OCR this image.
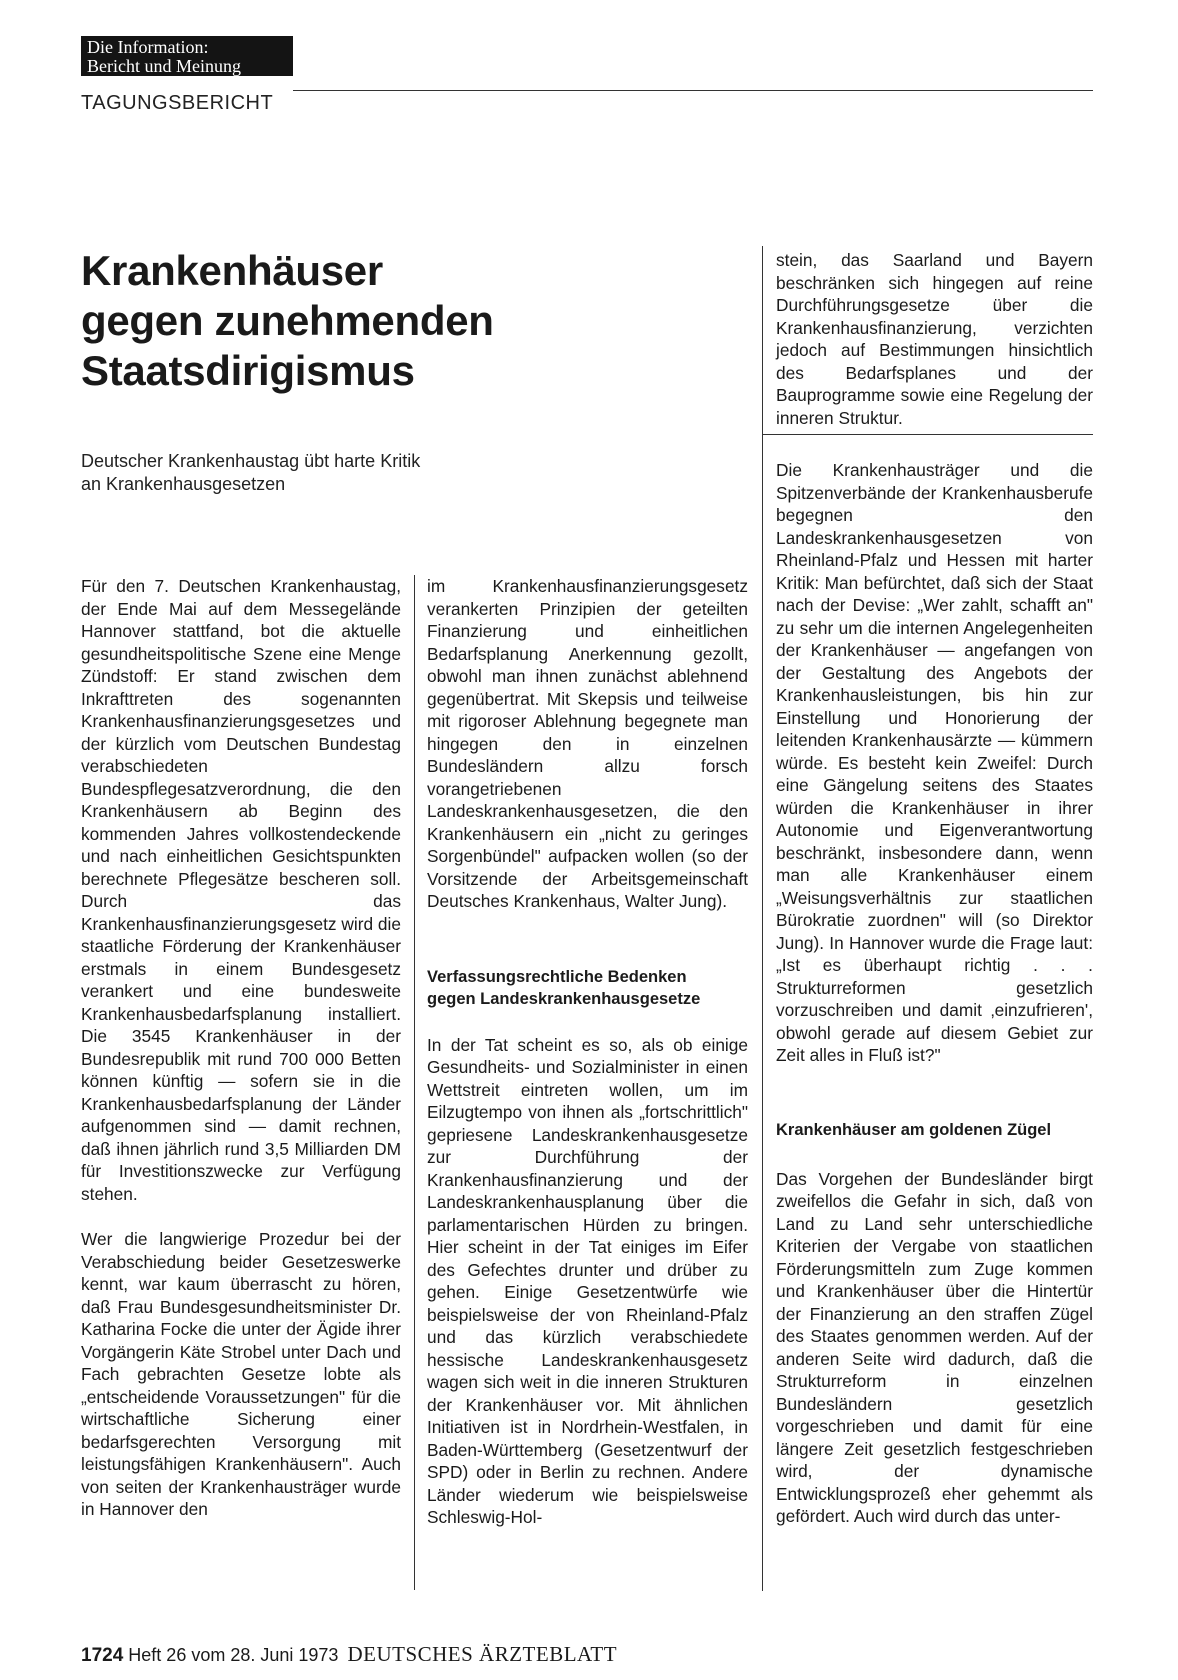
Die Information:
Bericht und Meinung
TAGUNGSBERICHT
Krankenhäuser
gegen zunehmenden
Staatsdirigismus
Deutscher Krankenhaustag übt harte Kritik
an Krankenhausgesetzen

Für den 7. Deutschen Krankenhaustag, der Ende Mai auf dem Messegelände Hannover stattfand, bot die aktuelle gesundheitspolitische Szene eine Menge Zündstoff: Er stand zwischen dem Inkrafttreten des sogenannten Krankenhausfinanzierungsgesetzes und der kürzlich vom Deutschen Bundestag verabschiedeten Bundespflegesatzverordnung, die den Krankenhäusern ab Beginn des kommenden Jahres vollkostendeckende und nach einheitlichen Gesichtspunkten berechnete Pflegesätze bescheren soll. Durch das Krankenhausfinanzierungsgesetz wird die staatliche Förderung der Krankenhäuser erstmals in einem Bundesgesetz verankert und eine bundesweite Krankenhausbedarfsplanung installiert. Die 3545 Krankenhäuser in der Bundesrepublik mit rund 700 000 Betten können künftig — sofern sie in die Krankenhausbedarfsplanung der Länder aufgenommen sind — damit rechnen, daß ihnen jährlich rund 3,5 Milliarden DM für Investitionszwecke zur Verfügung stehen.

Wer die langwierige Prozedur bei der Verabschiedung beider Gesetzeswerke kennt, war kaum überrascht zu hören, daß Frau Bundesgesundheitsminister Dr. Katharina Focke die unter der Ägide ihrer Vorgängerin Käte Strobel unter Dach und Fach gebrachten Gesetze lobte als „entscheidende Voraussetzungen" für die wirtschaftliche Sicherung einer bedarfsgerechten Versorgung mit leistungsfähigen Krankenhäusern". Auch von seiten der Krankenhausträger wurde in Hannover den

im Krankenhausfinanzierungsgesetz verankerten Prinzipien der geteilten Finanzierung und einheitlichen Bedarfsplanung Anerkennung gezollt, obwohl man ihnen zunächst ablehnend gegenübertrat. Mit Skepsis und teilweise mit rigoroser Ablehnung begegnete man hingegen den in einzelnen Bundesländern allzu forsch vorangetriebenen Landeskrankenhausgesetzen, die den Krankenhäusern ein „nicht zu geringes Sorgenbündel" aufpacken wollen (so der Vorsitzende der Arbeitsgemeinschaft Deutsches Krankenhaus, Walter Jung).

Verfassungsrechtliche Bedenken
gegen Landeskrankenhausgesetze

In der Tat scheint es so, als ob einige Gesundheits- und Sozialminister in einen Wettstreit eintreten wollen, um im Eilzugtempo von ihnen als „fortschrittlich" gepriesene Landeskrankenhausgesetze zur Durchführung der Krankenhausfinanzierung und der Landeskrankenhausplanung über die parlamentarischen Hürden zu bringen. Hier scheint in der Tat einiges im Eifer des Gefechtes drunter und drüber zu gehen. Einige Gesetzentwürfe wie beispielsweise der von Rheinland-Pfalz und das kürzlich verabschiedete hessische Landeskrankenhausgesetz wagen sich weit in die inneren Strukturen der Krankenhäuser vor. Mit ähnlichen Initiativen ist in Nordrhein-Westfalen, in Baden-Württemberg (Gesetzentwurf der SPD) oder in Berlin zu rechnen. Andere Länder wiederum wie beispielsweise Schleswig-Hol-

stein, das Saarland und Bayern beschränken sich hingegen auf reine Durchführungsgesetze über die Krankenhausfinanzierung, verzichten jedoch auf Bestimmungen hinsichtlich des Bedarfsplanes und der Bauprogramme sowie eine Regelung der inneren Struktur.

Die Krankenhausträger und die Spitzenverbände der Krankenhausberufe begegnen den Landeskrankenhausgesetzen von Rheinland-Pfalz und Hessen mit harter Kritik: Man befürchtet, daß sich der Staat nach der Devise: „Wer zahlt, schafft an" zu sehr um die internen Angelegenheiten der Krankenhäuser — angefangen von der Gestaltung des Angebots der Krankenhausleistungen, bis hin zur Einstellung und Honorierung der leitenden Krankenhausärzte — kümmern würde. Es besteht kein Zweifel: Durch eine Gängelung seitens des Staates würden die Krankenhäuser in ihrer Autonomie und Eigenverantwortung beschränkt, insbesondere dann, wenn man alle Krankenhäuser einem „Weisungsverhältnis zur staatlichen Bürokratie zuordnen" will (so Direktor Jung). In Hannover wurde die Frage laut: „Ist es überhaupt richtig . . . Strukturreformen gesetzlich vorzuschreiben und damit ‚einzufrieren', obwohl gerade auf diesem Gebiet zur Zeit alles in Fluß ist?"

Krankenhäuser am goldenen Zügel

Das Vorgehen der Bundesländer birgt zweifellos die Gefahr in sich, daß von Land zu Land sehr unterschiedliche Kriterien der Vergabe von staatlichen Förderungsmitteln zum Zuge kommen und Krankenhäuser über die Hintertür der Finanzierung an den straffen Zügel des Staates genommen werden. Auf der anderen Seite wird dadurch, daß die Strukturreform in einzelnen Bundesländern gesetzlich vorgeschrieben und damit für eine längere Zeit gesetzlich festgeschrieben wird, der dynamische Entwicklungsprozeß eher gehemmt als gefördert. Auch wird durch das unter-

1724 Heft 26 vom 28. Juni 1973 DEUTSCHES ÄRZTEBLATT
